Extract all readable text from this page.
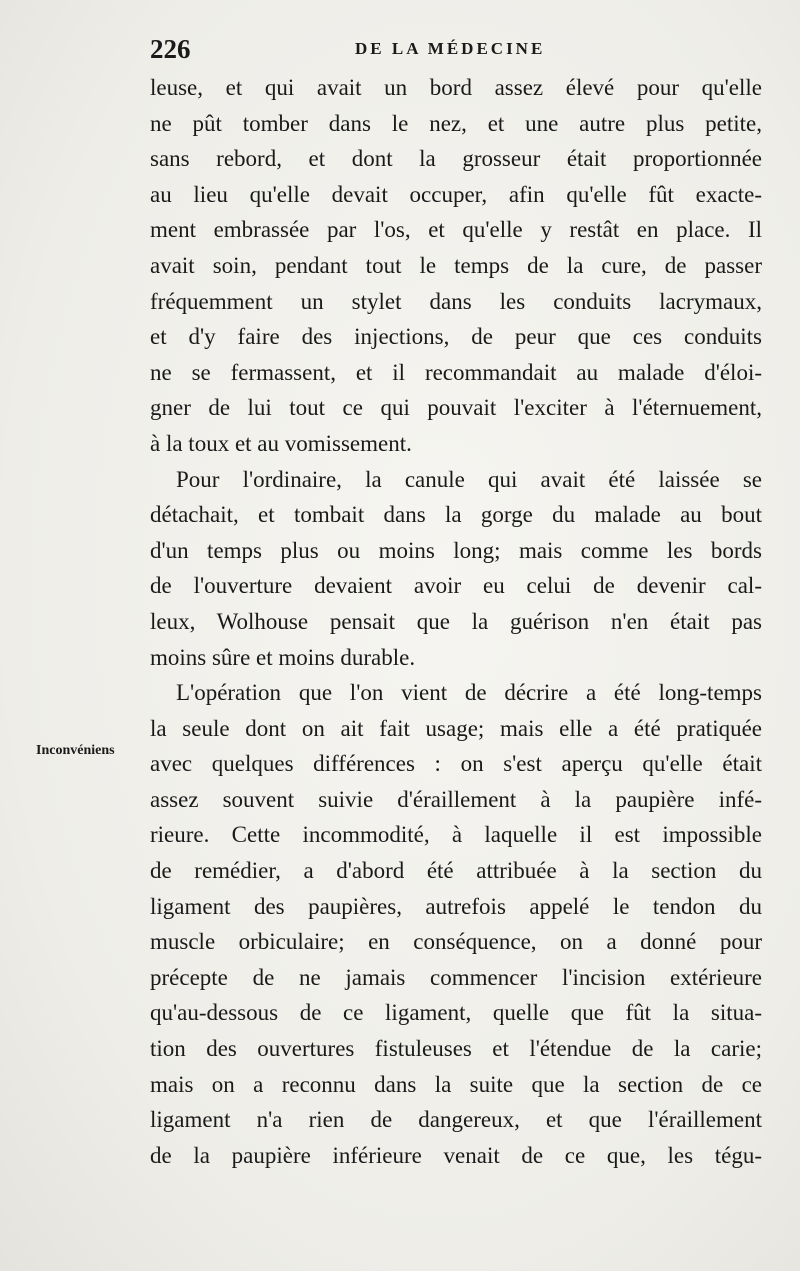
226	DE LA MÉDECINE
Inconvéniens
leuse, et qui avait un bord assez élevé pour qu'elle
ne pût tomber dans le nez, et une autre plus petite,
sans rebord, et dont la grosseur était proportionnée
au lieu qu'elle devait occuper, afin qu'elle fût exacte-
ment embrassée par l'os, et qu'elle y restât en place. Il
avait soin, pendant tout le temps de la cure, de passer
fréquemment un stylet dans les conduits lacrymaux,
et d'y faire des injections, de peur que ces conduits
ne se fermassent, et il recommandait au malade d'éloi-
gner de lui tout ce qui pouvait l'exciter à l'éternuement,
à la toux et au vomissement.
Pour l'ordinaire, la canule qui avait été laissée se
détachait, et tombait dans la gorge du malade au bout
d'un temps plus ou moins long; mais comme les bords
de l'ouverture devaient avoir eu celui de devenir cal-
leux, Wolhouse pensait que la guérison n'en était pas
moins sûre et moins durable.
L'opération que l'on vient de décrire a été long-temps
la seule dont on ait fait usage; mais elle a été pratiquée
avec quelques différences : on s'est aperçu qu'elle était
assez souvent suivie d'éraillement à la paupière infé-
rieure. Cette incommodité, à laquelle il est impossible
de remédier, a d'abord été attribuée à la section du
ligament des paupières, autrefois appelé le tendon du
muscle orbiculaire; en conséquence, on a donné pour
précepte de ne jamais commencer l'incision extérieure
qu'au-dessous de ce ligament, quelle que fût la situa-
tion des ouvertures fistuleuses et l'étendue de la carie;
mais on a reconnu dans la suite que la section de ce
ligament n'a rien de dangereux, et que l'éraillement
de la paupière inférieure venait de ce que, les tégu-
